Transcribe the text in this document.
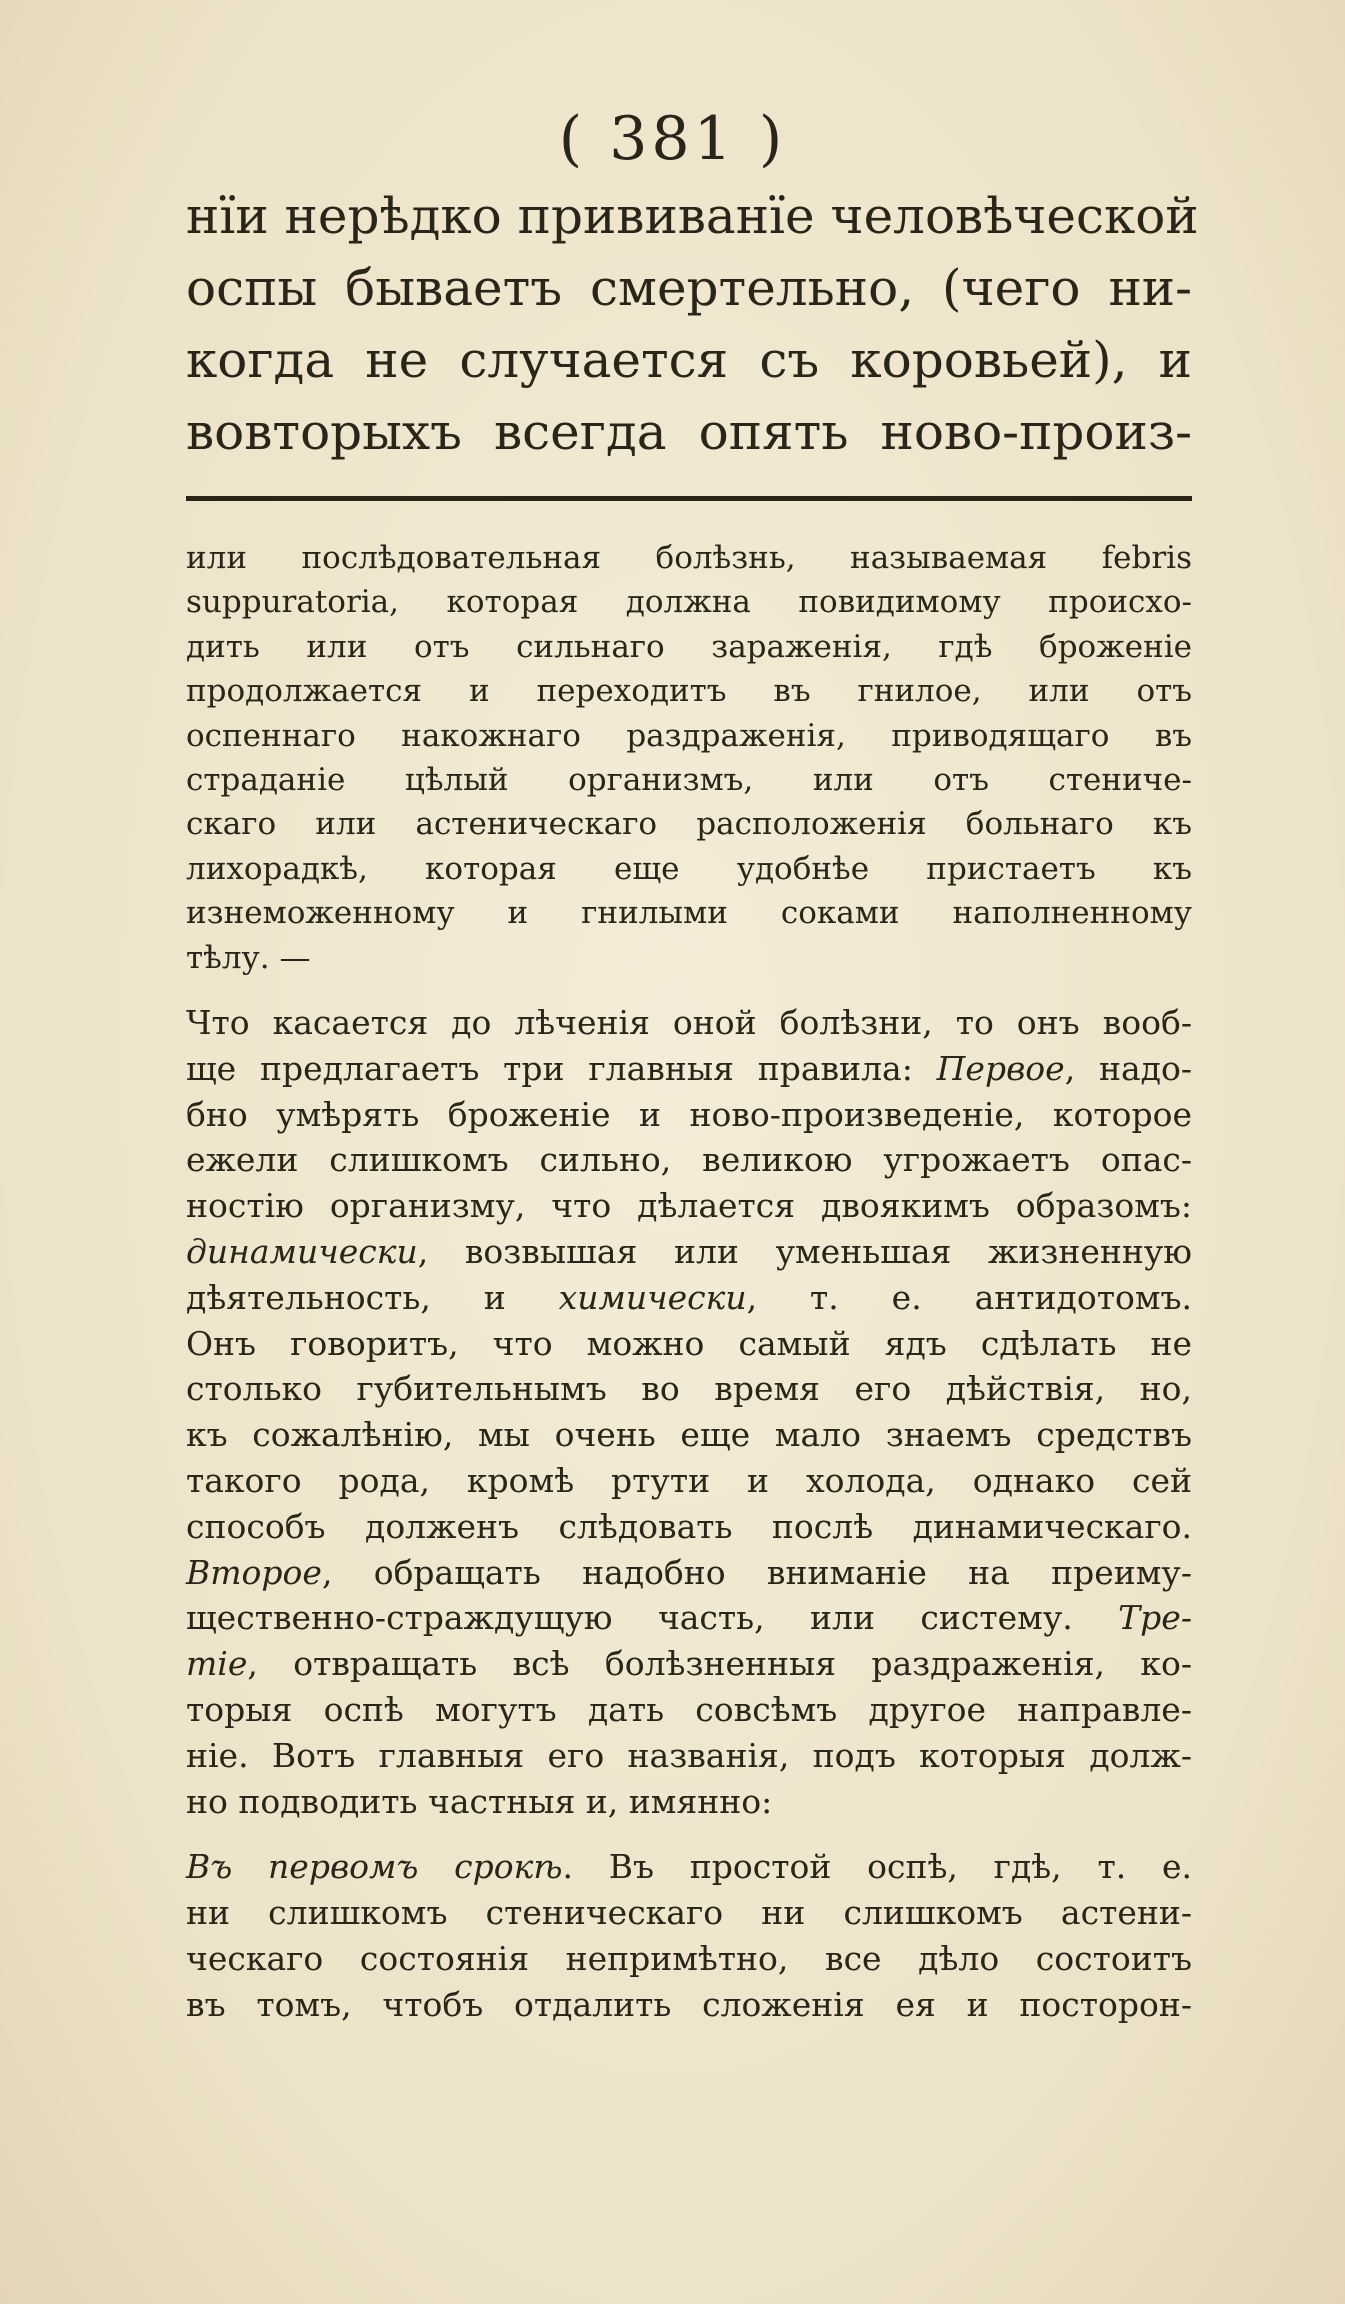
( 381 )
нїи нерѣдко прививанїе человѣческой
оспы бываетъ смертельно, (чего ни-
когда не случается съ коровьей), и
вовторыхъ всегда опять ново-произ-
или послѣдовательная болѣзнь, называемая febris
suppuratoria, которая должна повидимому происхо-
дить или отъ сильнаго зараженія, гдѣ броженіе
продолжается и переходитъ въ гнилое, или отъ
оспеннаго накожнаго раздраженія, приводящаго въ
страданіе цѣлый организмъ, или отъ стениче-
скаго или астеническаго расположенія больнаго къ
лихорадкѣ, которая еще удобнѣе пристаетъ къ
изнеможенному и гнилыми соками наполненному
тѣлу. —
Что касается до лѣченія оной болѣзни, то онъ вооб-
ще предлагаетъ три главныя правила: Первое, надо-
бно умѣрять броженіе и ново-произведеніе, которое
ежели слишкомъ сильно, великою угрожаетъ опас-
ностію организму, что дѣлается двоякимъ образомъ:
динамически, возвышая или уменьшая жизненную
дѣятельность, и химически, т. е. антидотомъ.
Онъ говоритъ, что можно самый ядъ сдѣлать не
столько губительнымъ во время его дѣйствія, но,
къ сожалѣнію, мы очень еще мало знаемъ средствъ
такого рода, кромѣ ртути и холода, однако сей
способъ долженъ слѣдовать послѣ динамическаго.
Второе, обращать надобно вниманіе на преиму-
щественно-страждущую часть, или систему. Тре-
тіе, отвращать всѣ болѣзненныя раздраженія, ко-
торыя оспѣ могутъ дать совсѣмъ другое направле-
ніе. Вотъ главныя его названія, подъ которыя долж-
но подводить частныя и, имянно:
Въ первомъ срокѣ. Въ простой оспѣ, гдѣ, т. е.
ни слишкомъ стеническаго ни слишкомъ астени-
ческаго состоянія непримѣтно, все дѣло состоитъ
въ томъ, чтобъ отдалить сложенія ея и посторон-
